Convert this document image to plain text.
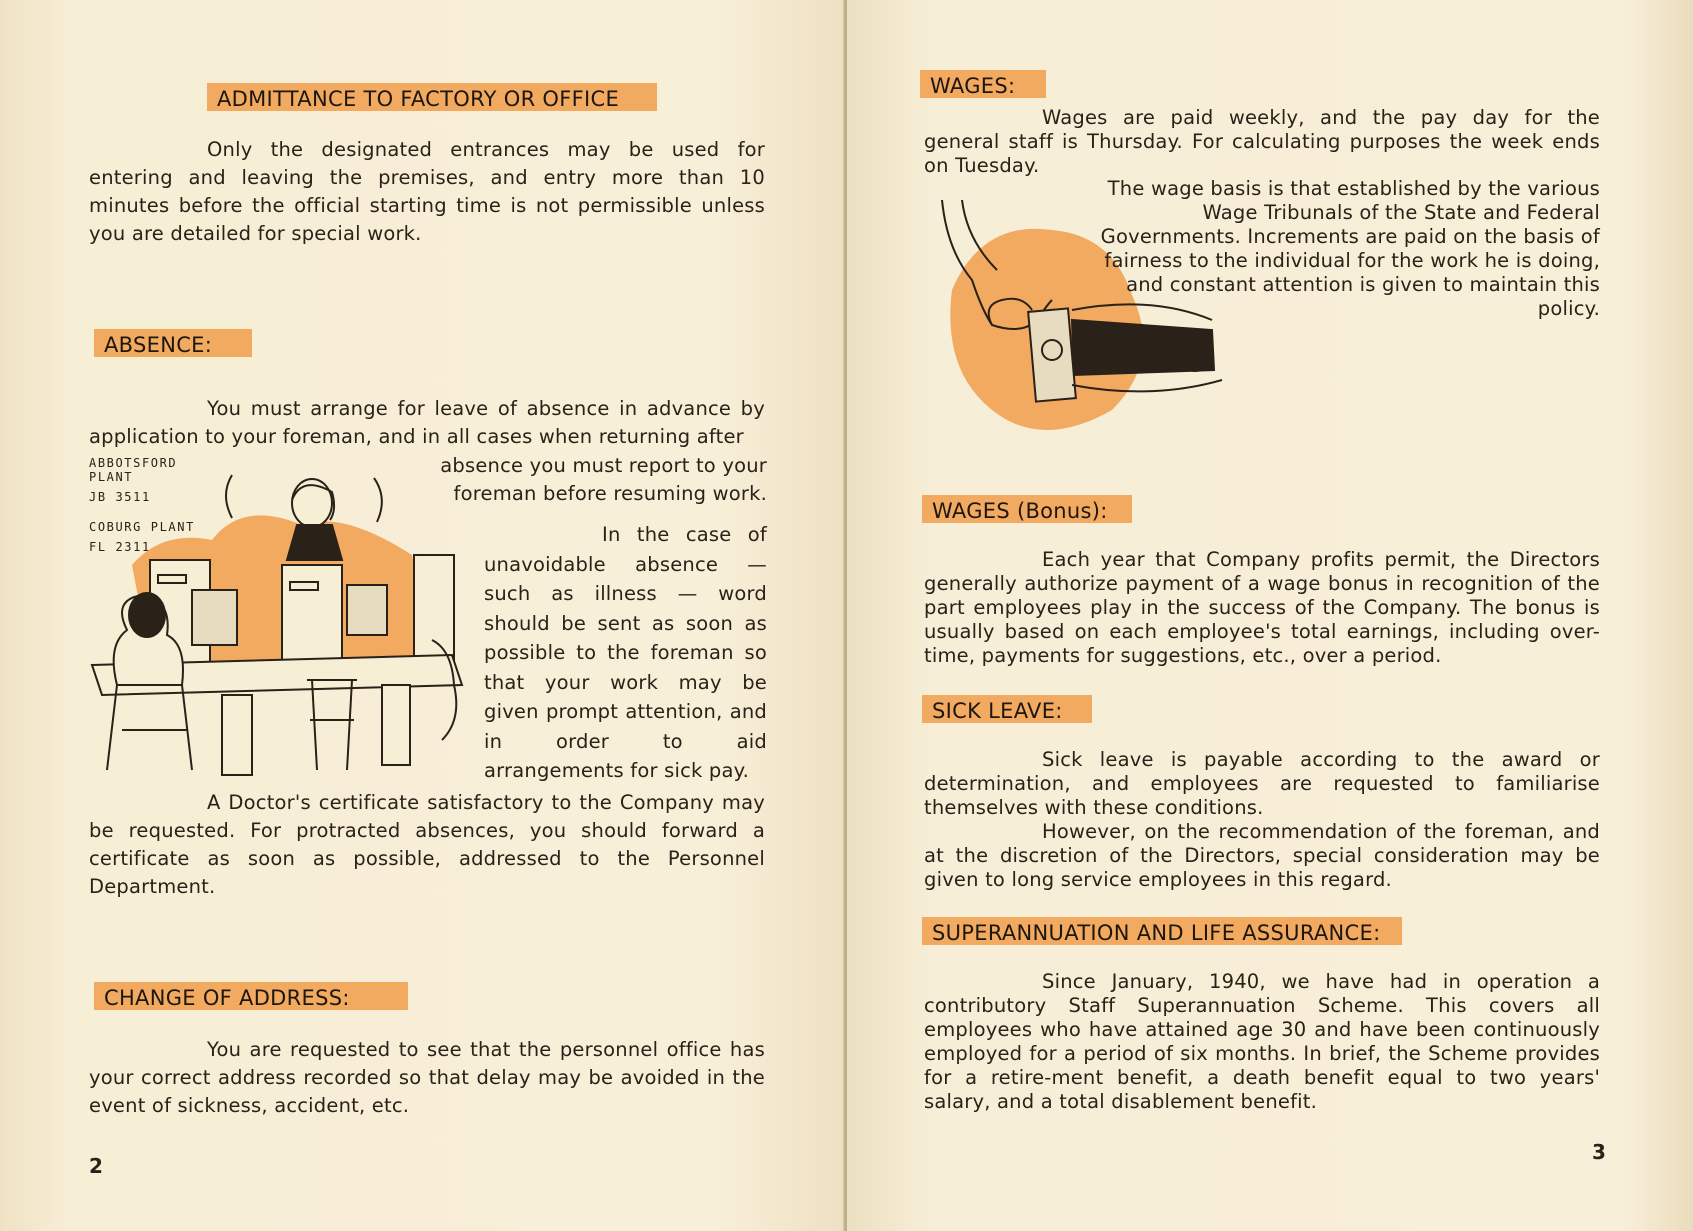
ADMITTANCE TO FACTORY OR OFFICE

Only the designated entrances may be used for entering and leaving the premises, and entry more than 10 minutes before the official starting time is not permissible unless you are detailed for special work.

ABSENCE:

You must arrange for leave of absence in advance by application to your foreman, and in all cases when returning after

ABBOTSFORD
PLANT
JB 3511
COBURG PLANT
FL 2311
absence you must report to your
foreman before resuming work.

In the case of unavoidable absence — such as illness — word should be sent as soon as possible to the foreman so that your work may be given prompt attention, and in order to aid arrangements for sick pay.

A Doctor's certificate satisfactory to the Company may be requested. For protracted absences, you should forward a certificate as soon as possible, addressed to the Personnel Department.

CHANGE OF ADDRESS:

You are requested to see that the personnel office has your correct address recorded so that delay may be avoided in the event of sickness, accident, etc.

2
WAGES:

Wages are paid weekly, and the pay day for the general staff is Thursday. For calculating purposes the week ends on Tuesday.

The wage basis is that established by the various Wage Tribunals of the State and Federal Governments. Increments are paid on the basis of fairness to the individual for the work he is doing, and constant attention is given to maintain this policy.

WAGES (Bonus):

Each year that Company profits permit, the Directors generally authorize payment of a wage bonus in recognition of the part employees play in the success of the Company. The bonus is usually based on each employee's total earnings, including over-time, payments for suggestions, etc., over a period.

SICK LEAVE:

Sick leave is payable according to the award or determination, and employees are requested to familiarise themselves with these conditions.

However, on the recommendation of the foreman, and at the discretion of the Directors, special consideration may be given to long service employees in this regard.

SUPERANNUATION AND LIFE ASSURANCE:

Since January, 1940, we have had in operation a contributory Staff Superannuation Scheme. This covers all employees who have attained age 30 and have been continuously employed for a period of six months. In brief, the Scheme provides for a retire-ment benefit, a death benefit equal to two years' salary, and a total disablement benefit.

3
